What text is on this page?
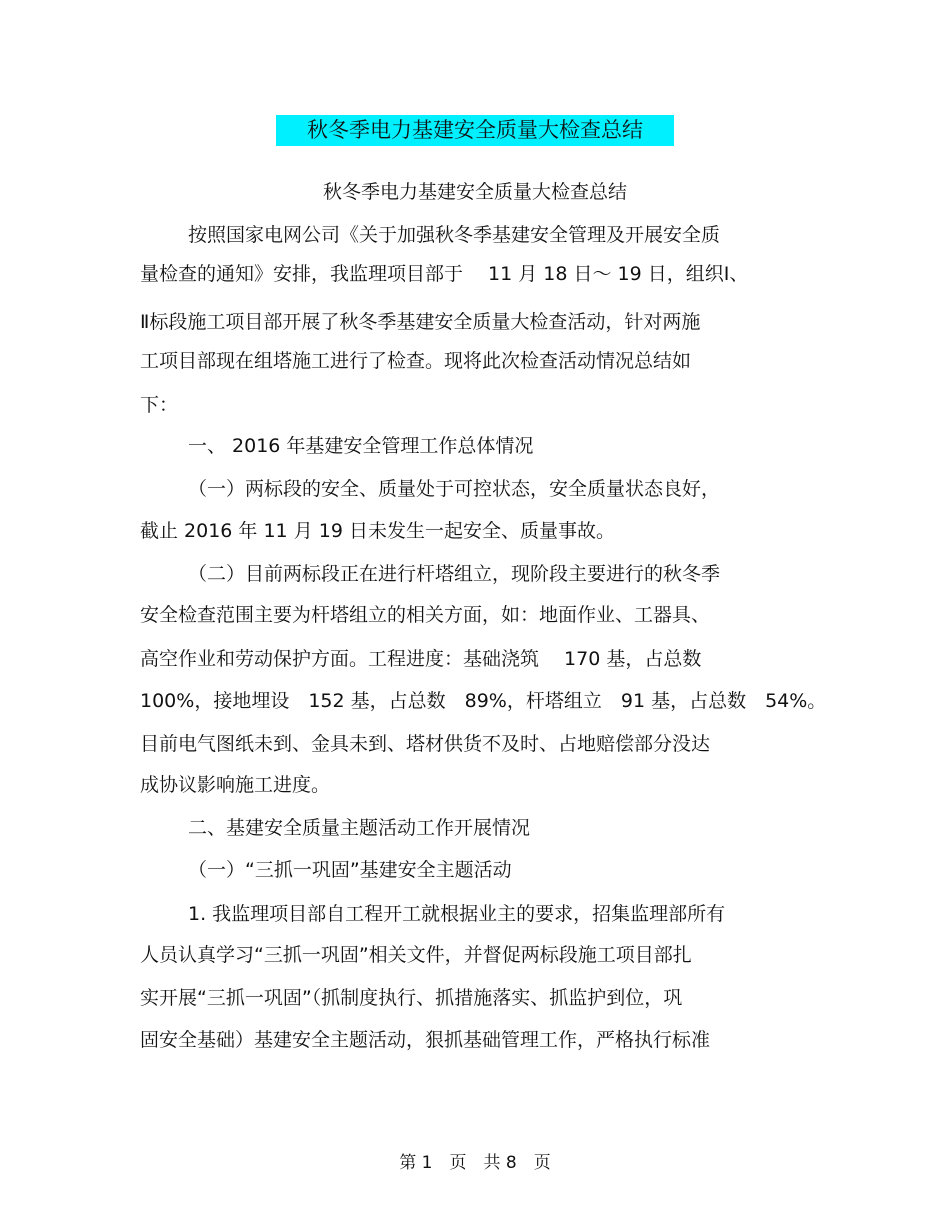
秋冬季电力基建安全质量大检查总结
秋冬季电力基建安全质量大检查总结
按照国家电网公司《关于加强秋冬季基建安全管理及开展安全质
量检查的通知》安排，我监理项目部于　 11 月 18 日～ 19 日，组织Ⅰ、
Ⅱ标段施工项目部开展了秋冬季基建安全质量大检查活动，针对两施
工项目部现在组塔施工进行了检查。现将此次检查活动情况总结如
下：
一、 2016 年基建安全管理工作总体情况
（一）两标段的安全、质量处于可控状态，安全质量状态良好，
截止 2016 年 11 月 19 日未发生一起安全、质量事故。
（二）目前两标段正在进行杆塔组立，现阶段主要进行的秋冬季
安全检查范围主要为杆塔组立的相关方面，如：地面作业、工器具、
高空作业和劳动保护方面。工程进度：基础浇筑　 170 基，占总数
100%，接地埋设　152 基，占总数　89%，杆塔组立　91 基，占总数　54%。
目前电气图纸未到、金具未到、塔材供货不及时、占地赔偿部分没达
成协议影响施工进度。
二、基建安全质量主题活动工作开展情况
（一）“三抓一巩固”基建安全主题活动
1. 我监理项目部自工程开工就根据业主的要求，招集监理部所有
人员认真学习“三抓一巩固”相关文件，并督促两标段施工项目部扎
实开展“三抓一巩固”（抓制度执行、抓措施落实、抓监护到位，巩
固安全基础）基建安全主题活动，狠抓基础管理工作，严格执行标准
第 1　页　共 8　页
